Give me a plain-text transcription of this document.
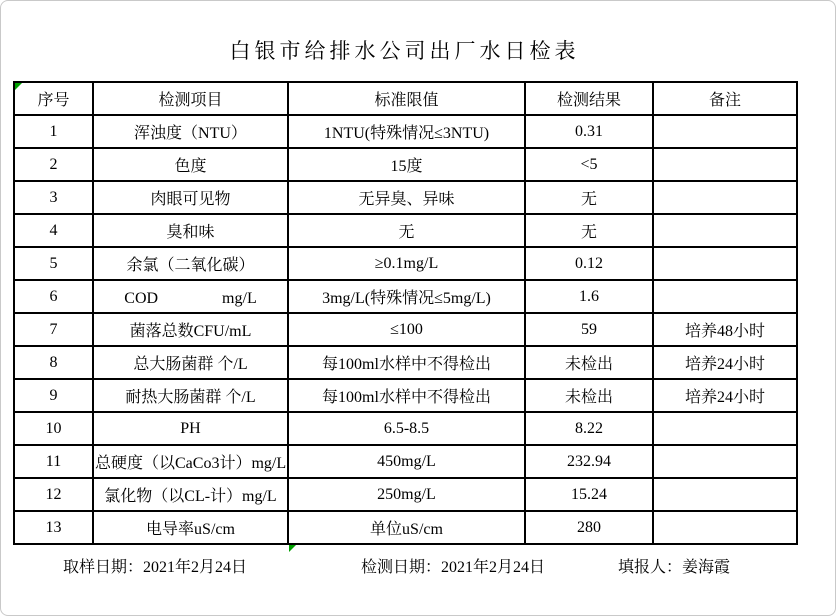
白银市给排水公司出厂水日检表
序号	检测项目	标准限值	检测结果	备注
1	浑浊度（NTU）	1NTU(特殊情况≤3NTU)	0.31	
2	色度	15度	<5	
3	肉眼可见物	无异臭、异味	无	
4	臭和味	无	无	
5	余氯（二氧化碳）	≥0.1mg/L	0.12	
6	COD　　　　mg/L	3mg/L(特殊情况≤5mg/L)	1.6	
7	菌落总数CFU/mL	≤100	59	培养48小时
8	总大肠菌群 个/L	每100ml水样中不得检出	未检出	培养24小时
9	耐热大肠菌群 个/L	每100ml水样中不得检出	未检出	培养24小时
10	PH	6.5-8.5	8.22	
11	总硬度（以CaCo3计）mg/L	450mg/L	232.94	
12	氯化物（以CL-计）mg/L	250mg/L	15.24	
13	电导率uS/cm	单位uS/cm	280	
取样日期：2021年2月24日	检测日期：2021年2月24日	填报人：姜海霞
